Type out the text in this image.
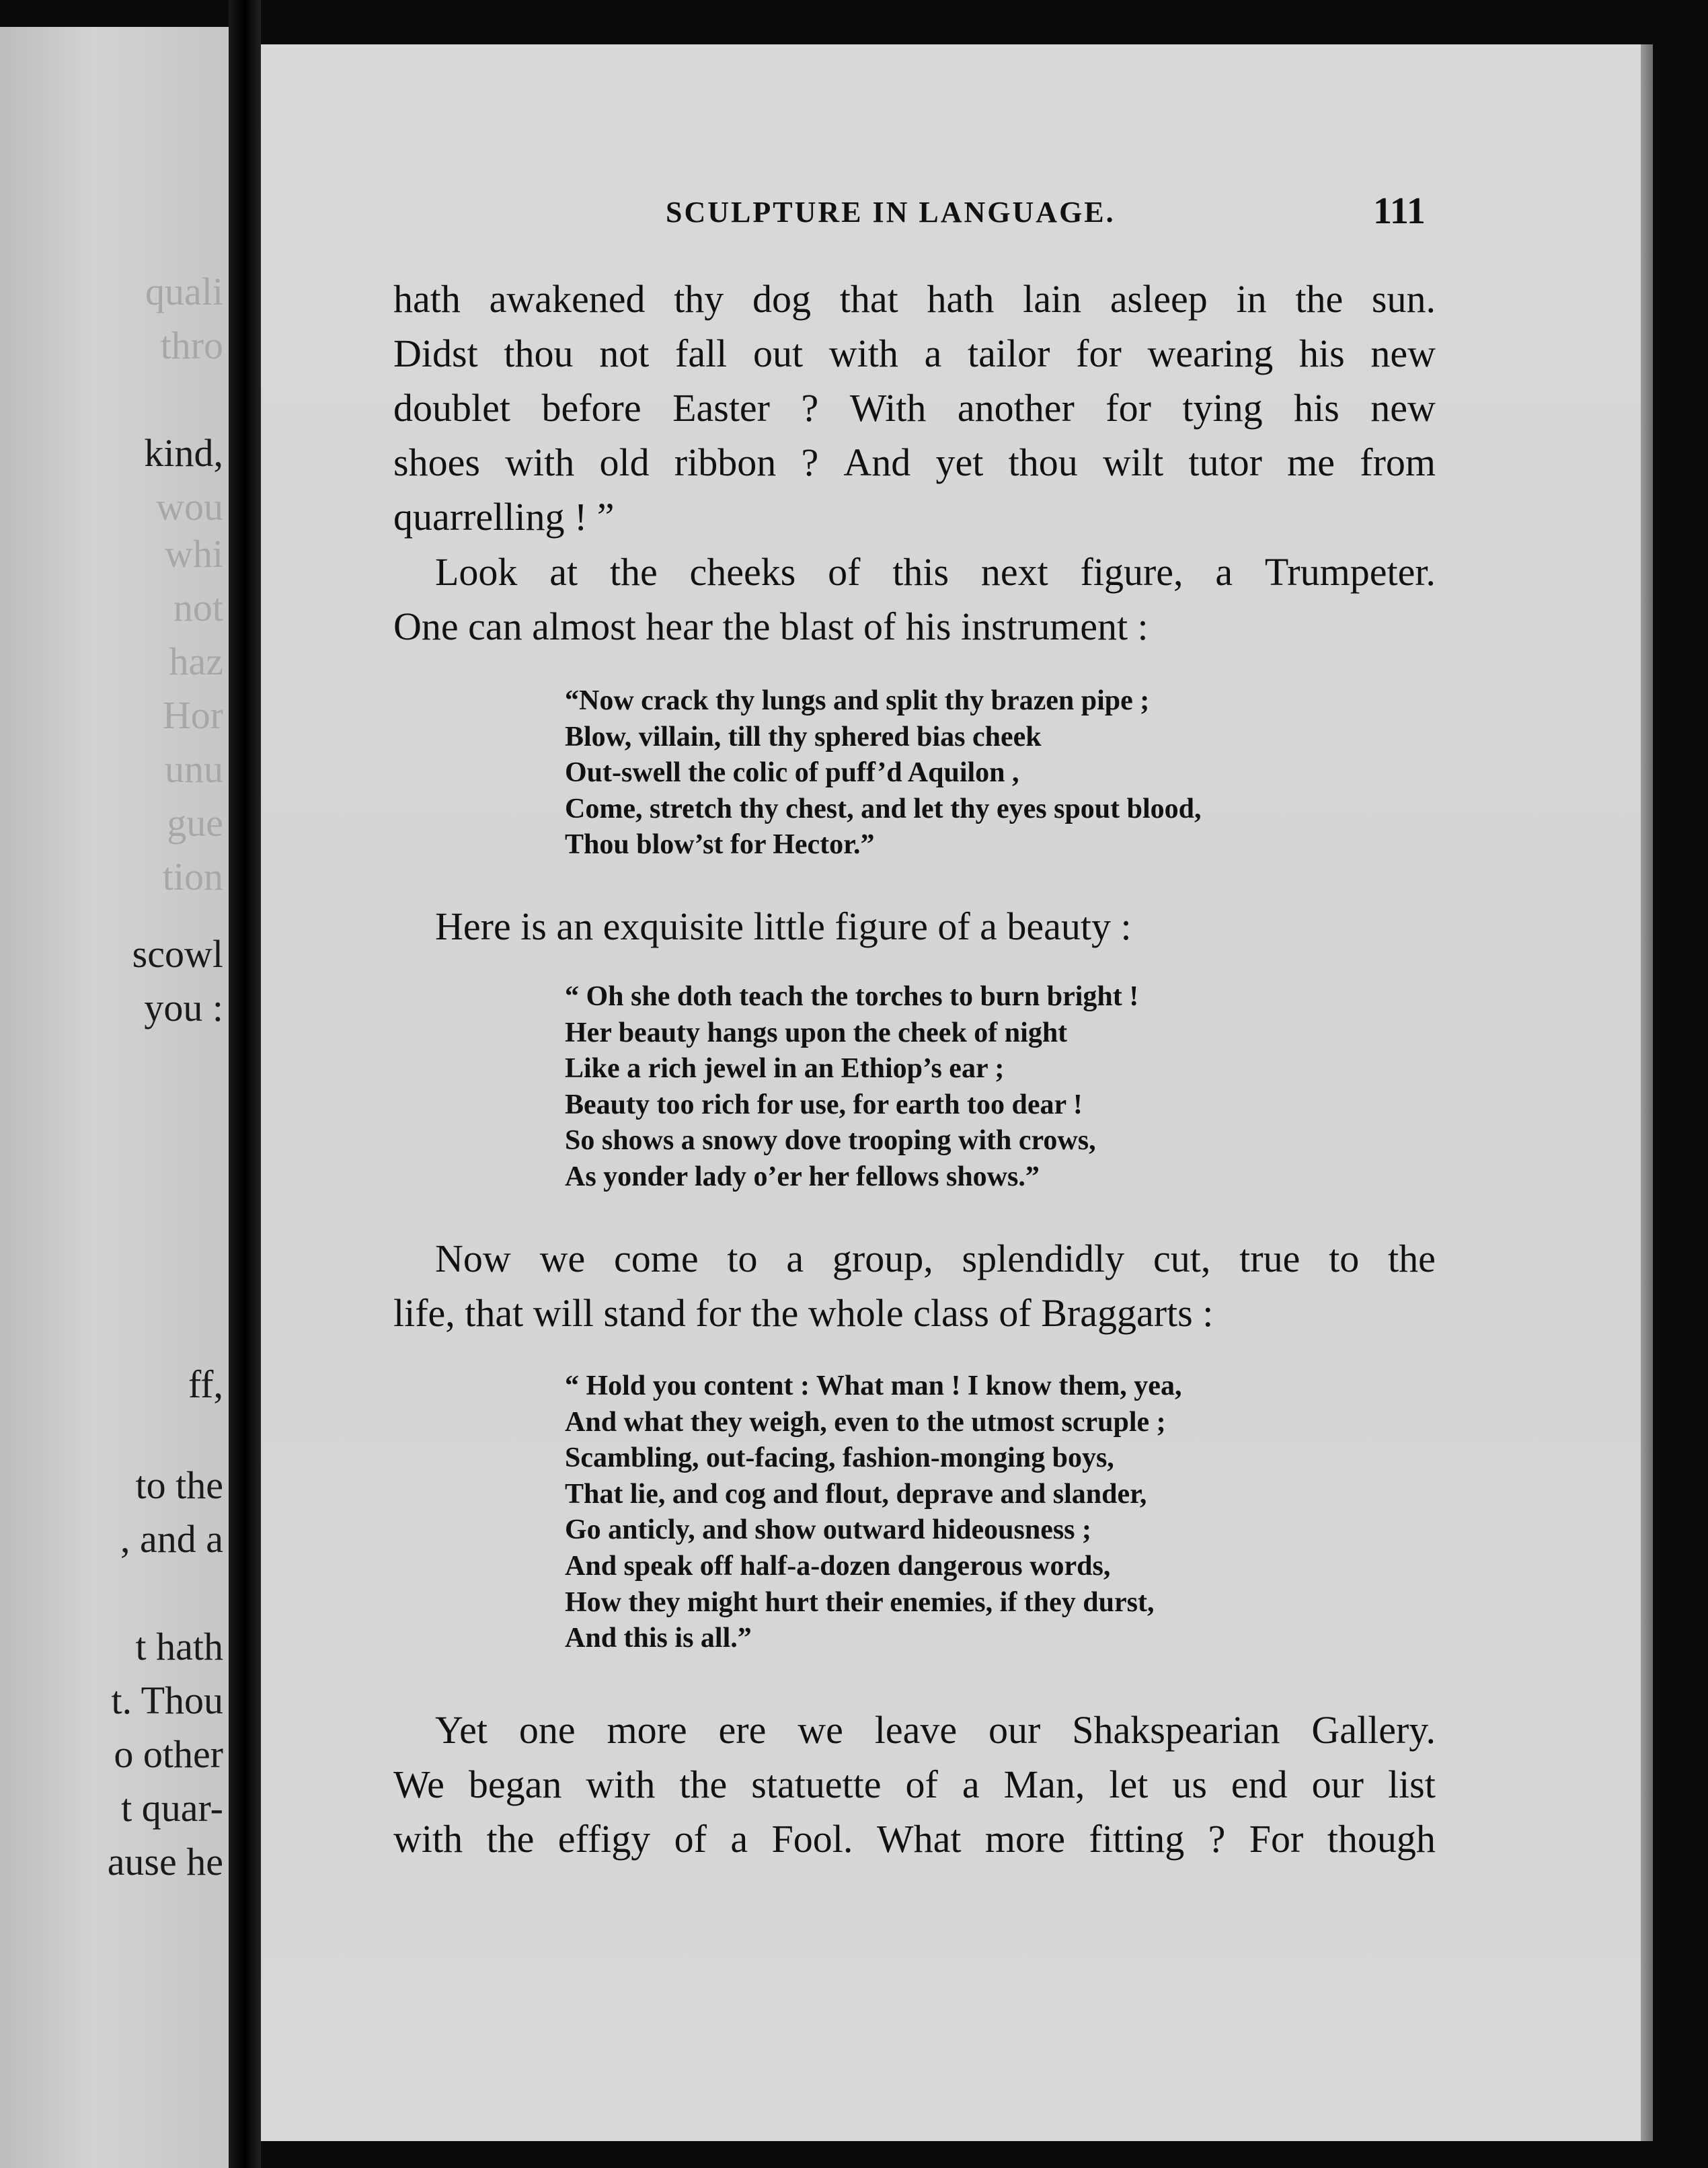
quali
thro
kind,
wou
whi
not
haz
Hor
unu
gue
tion
scowl
you :
ff,
to the
, and a
t hath
t. Thou
o other
t quar-
ause he
SCULPTURE IN LANGUAGE.	111
hath awakened thy dog that hath lain asleep in the sun.
Didst thou not fall out with a tailor for wearing his new
doublet before Easter ? With another for tying his new
shoes with old ribbon ? And yet thou wilt tutor me from
quarrelling ! ”
Look at the cheeks of this next figure, a Trumpeter.
One can almost hear the blast of his instrument :
“Now crack thy lungs and split thy brazen pipe ;
Blow, villain, till thy sphered bias cheek
Out-swell the colic of puff’d Aquilon ,
Come, stretch thy chest, and let thy eyes spout blood,
Thou blow’st for Hector.”
Here is an exquisite little figure of a beauty :
“ Oh she doth teach the torches to burn bright !
Her beauty hangs upon the cheek of night
Like a rich jewel in an Ethiop’s ear ;
Beauty too rich for use, for earth too dear !
So shows a snowy dove trooping with crows,
As yonder lady o’er her fellows shows.”
Now we come to a group, splendidly cut, true to the
life, that will stand for the whole class of Braggarts :
“ Hold you content : What man ! I know them, yea,
And what they weigh, even to the utmost scruple ;
Scambling, out-facing, fashion-monging boys,
That lie, and cog and flout, deprave and slander,
Go anticly, and show outward hideousness ;
And speak off half-a-dozen dangerous words,
How they might hurt their enemies, if they durst,
And this is all.”
Yet one more ere we leave our Shakspearian Gallery.
We began with the statuette of a Man, let us end our list
with the effigy of a Fool. What more fitting ? For though
